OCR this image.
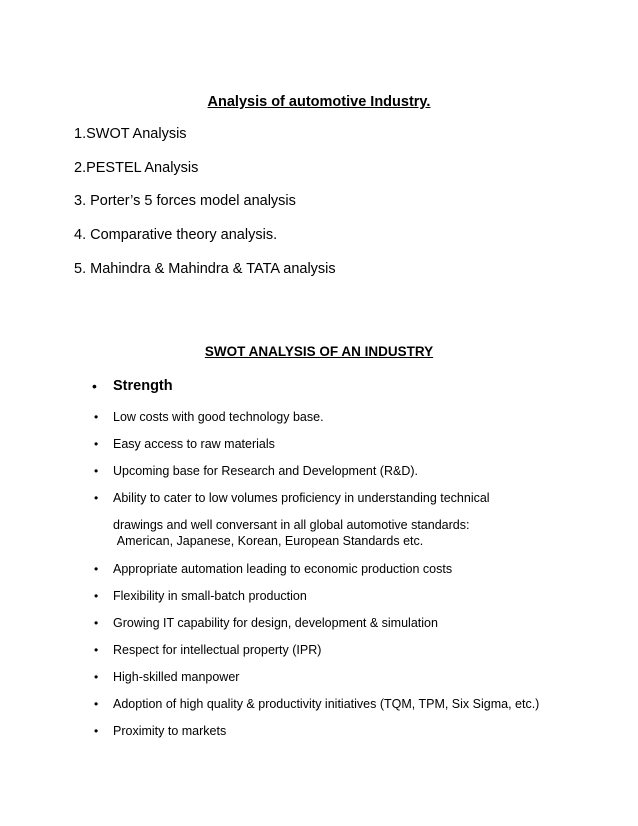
Analysis of automotive Industry.

1.SWOT Analysis

2.PESTEL Analysis

3. Porter’s 5 forces model analysis

4. Comparative theory analysis.

5. Mahindra & Mahindra & TATA analysis

SWOT ANALYSIS OF AN INDUSTRY

• Strength

• Low costs with good technology base.

• Easy access to raw materials

• Upcoming base for Research and Development (R&D).

• Ability to cater to low volumes proficiency in understanding technical

drawings and well conversant in all global automotive standards:

American, Japanese, Korean, European Standards etc.

• Appropriate automation leading to economic production costs

• Flexibility in small-batch production

• Growing IT capability for design, development & simulation

• Respect for intellectual property (IPR)

• High-skilled manpower

• Adoption of high quality & productivity initiatives (TQM, TPM, Six Sigma, etc.)

• Proximity to markets
